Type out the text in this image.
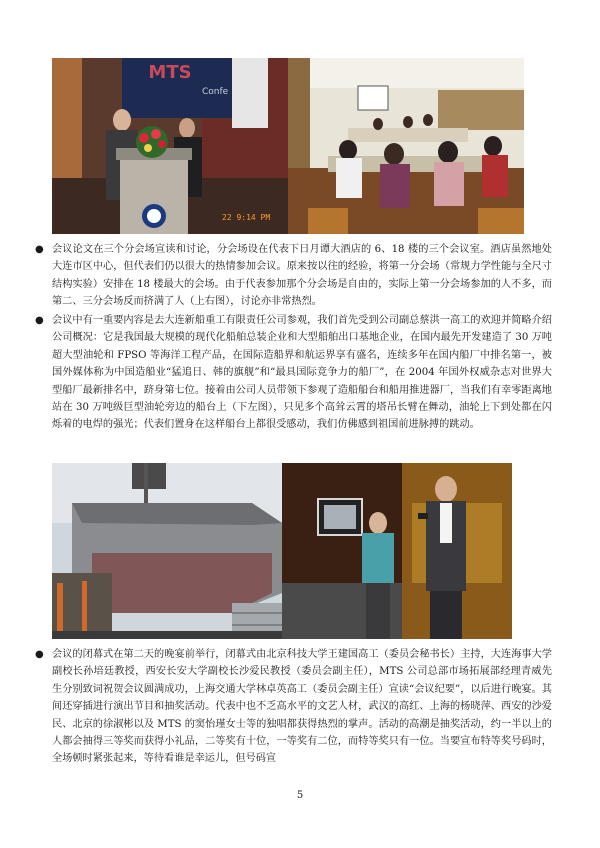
MTS
Confe
22 9:14 PM
● 会议论文在三个分会场宣读和讨论，分会场设在代表下日月谭大酒店的 6、18 楼的三个会议室。酒店虽然地处大连市区中心，但代表们仍以很大的热情参加会议。原来按以往的经验，将第一分会场（常规力学性能与全尺寸结构实验）安排在 18 楼最大的会场。由于代表参加那个分会场是自由的，实际上第一分会场参加的人不多，而第二、三分会场反而挤满了人（上右图），讨论亦非常热烈。
● 会议中有一重要内容是去大连新船重工有限责任公司参观，我们首先受到公司副总蔡洪一高工的欢迎并简略介绍公司概况：它是我国最大规模的现代化船舶总装企业和大型船舶出口基地企业，在国内最先开发建造了 30 万吨超大型油轮和 FPSO 等海洋工程产品，在国际造船界和航运界享有盛名，连续多年在国内船厂中排名第一，被国外媒体称为中国造船业“猛追日、韩的旗舰”和“最具国际竞争力的船厂”，在 2004 年国外权威杂志对世界大型船厂最新排名中，跻身第七位。接着由公司人员带领下参观了造船船台和船用推进器厂，当我们有幸零距离地站在 30 万吨级巨型油轮旁边的船台上（下左图），只见多个高耸云霄的塔吊长臂在舞动，油轮上下到处都在闪烁着的电焊的强光；代表们置身在这样船台上都很受感动，我们仿佛感到祖国前进脉搏的跳动。
● 会议的闭幕式在第二天的晚宴前举行，闭幕式由北京科技大学王建国高工（委员会秘书长）主持，大连海事大学副校长孙培廷教授，西安长安大学副校长沙爱民教授（委员会副主任），MTS 公司总部市场拓展部经理青威先生分别致词祝贺会议圆满成功，上海交通大学林卓英高工（委员会副主任）宣读“会议纪要”，以后进行晚宴。其间还穿插进行演出节目和抽奖活动。代表中也不乏高水平的文艺人材，武汉的高红、上海的杨晓萍、西安的沙爱民、北京的徐淑彬以及 MTS 的窦怡瑾女士等的独唱都获得热烈的掌声。活动的高潮是抽奖活动，约一半以上的人都会抽得三等奖而获得小礼品，二等奖有十位，一等奖有二位，而特等奖只有一位。当要宣布特等奖号码时，全场顿时紧张起来，等待看谁是幸运儿，但号码宣
5
